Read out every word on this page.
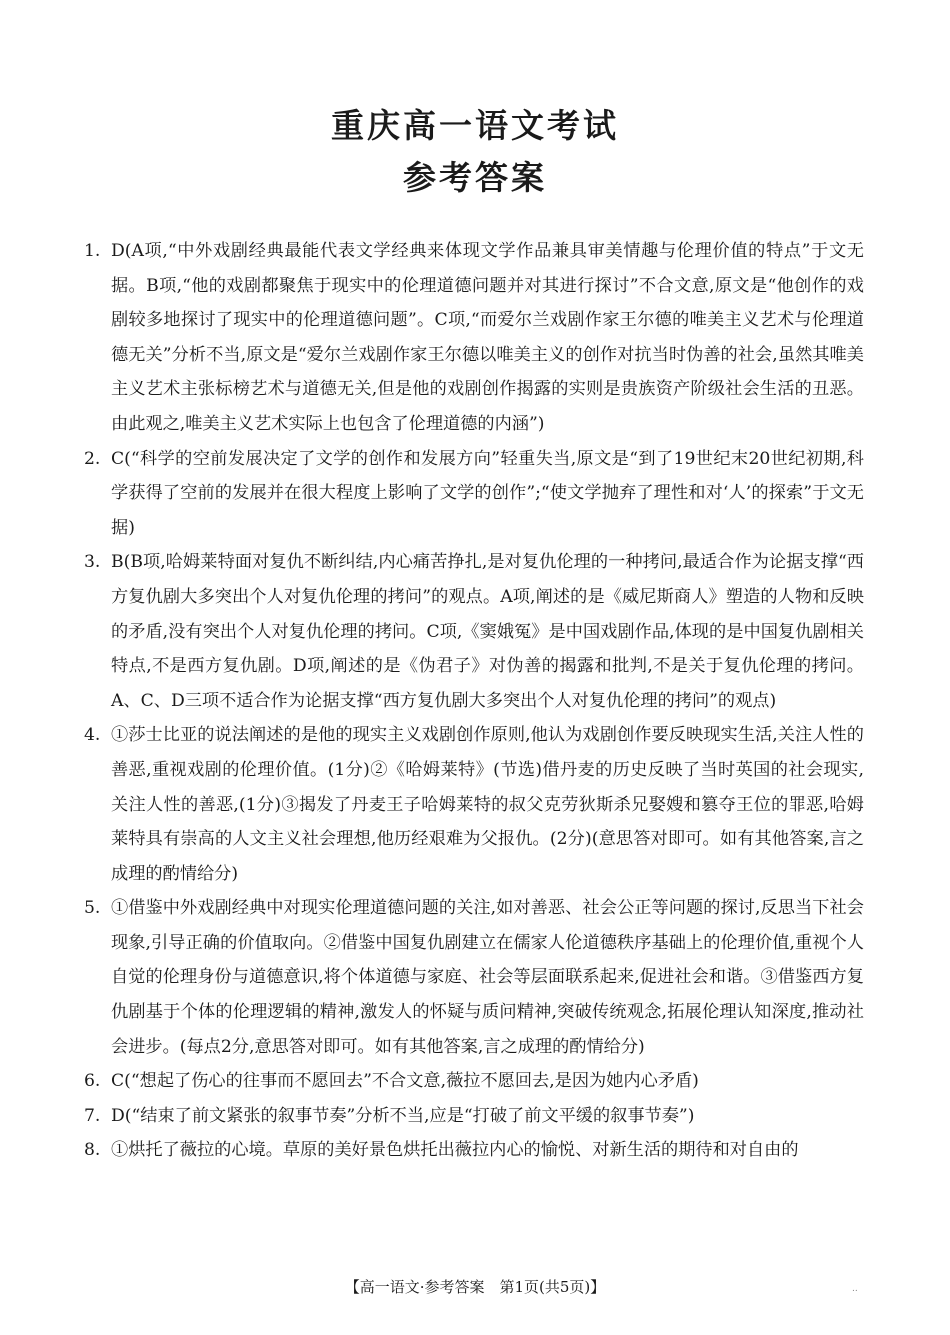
重庆高一语文考试
参考答案
1. D(A项,“中外戏剧经典最能代表文学经典来体现文学作品兼具审美情趣与伦理价值的特点”于文无据。B项,“他的戏剧都聚焦于现实中的伦理道德问题并对其进行探讨”不合文意,原文是“他创作的戏剧较多地探讨了现实中的伦理道德问题”。C项,“而爱尔兰戏剧作家王尔德的唯美主义艺术与伦理道德无关”分析不当,原文是“爱尔兰戏剧作家王尔德以唯美主义的创作对抗当时伪善的社会,虽然其唯美主义艺术主张标榜艺术与道德无关,但是他的戏剧创作揭露的实则是贵族资产阶级社会生活的丑恶。由此观之,唯美主义艺术实际上也包含了伦理道德的内涵”)
2. C(“科学的空前发展决定了文学的创作和发展方向”轻重失当,原文是“到了19世纪末20世纪初期,科学获得了空前的发展并在很大程度上影响了文学的创作”;“使文学抛弃了理性和对‘人’的探索”于文无据)
3. B(B项,哈姆莱特面对复仇不断纠结,内心痛苦挣扎,是对复仇伦理的一种拷问,最适合作为论据支撑“西方复仇剧大多突出个人对复仇伦理的拷问”的观点。A项,阐述的是《威尼斯商人》塑造的人物和反映的矛盾,没有突出个人对复仇伦理的拷问。C项,《窦娥冤》是中国戏剧作品,体现的是中国复仇剧相关特点,不是西方复仇剧。D项,阐述的是《伪君子》对伪善的揭露和批判,不是关于复仇伦理的拷问。A、C、D三项不适合作为论据支撑“西方复仇剧大多突出个人对复仇伦理的拷问”的观点)
4. ①莎士比亚的说法阐述的是他的现实主义戏剧创作原则,他认为戏剧创作要反映现实生活,关注人性的善恶,重视戏剧的伦理价值。(1分)②《哈姆莱特》(节选)借丹麦的历史反映了当时英国的社会现实,关注人性的善恶,(1分)③揭发了丹麦王子哈姆莱特的叔父克劳狄斯杀兄娶嫂和篡夺王位的罪恶,哈姆莱特具有崇高的人文主义社会理想,他历经艰难为父报仇。(2分)(意思答对即可。如有其他答案,言之成理的酌情给分)
5. ①借鉴中外戏剧经典中对现实伦理道德问题的关注,如对善恶、社会公正等问题的探讨,反思当下社会现象,引导正确的价值取向。②借鉴中国复仇剧建立在儒家人伦道德秩序基础上的伦理价值,重视个人自觉的伦理身份与道德意识,将个体道德与家庭、社会等层面联系起来,促进社会和谐。③借鉴西方复仇剧基于个体的伦理逻辑的精神,激发人的怀疑与质问精神,突破传统观念,拓展伦理认知深度,推动社会进步。(每点2分,意思答对即可。如有其他答案,言之成理的酌情给分)
6. C(“想起了伤心的往事而不愿回去”不合文意,薇拉不愿回去,是因为她内心矛盾)
7. D(“结束了前文紧张的叙事节奏”分析不当,应是“打破了前文平缓的叙事节奏”)
8. ①烘托了薇拉的心境。草原的美好景色烘托出薇拉内心的愉悦、对新生活的期待和对自由的
【高一语文·参考答案　第1页(共5页)】	..
